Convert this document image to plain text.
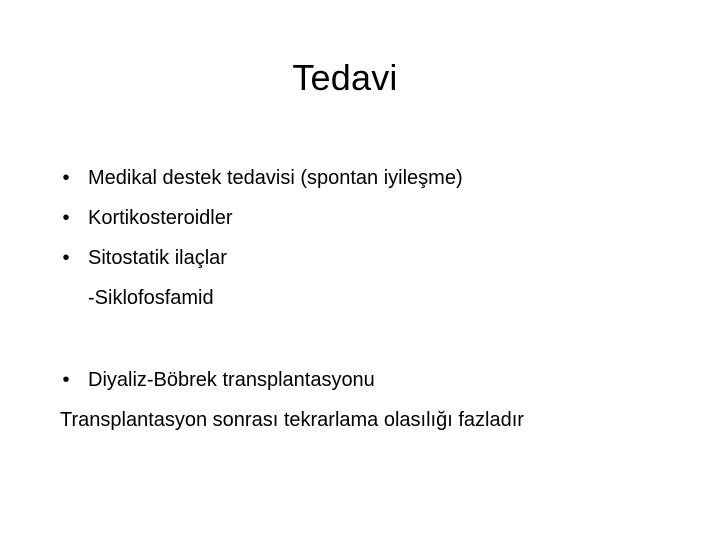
Tedavi
• Medikal destek tedavisi (spontan iyileşme)
• Kortikosteroidler
• Sitostatik ilaçlar
• Diyaliz-Böbrek transplantasyonu
-Siklofosfamid
Transplantasyon sonrası tekrarlama olasılığı fazladır
